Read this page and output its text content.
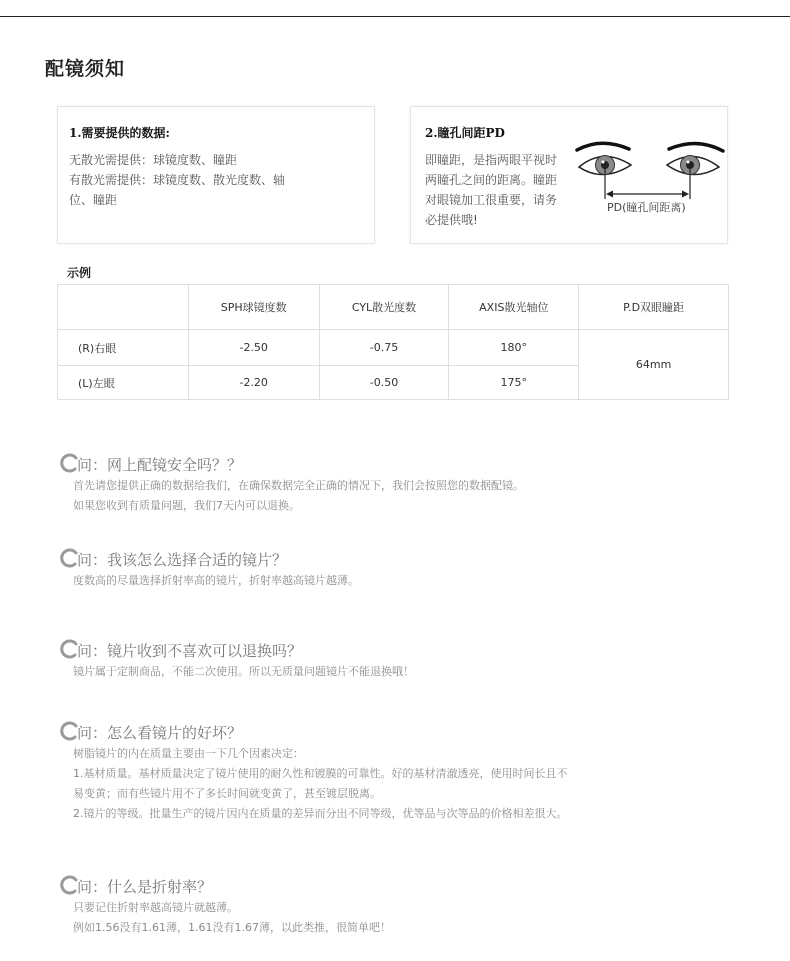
配镜须知
1.需要提供的数据:
无散光需提供：球镜度数、瞳距
有散光需提供：球镜度数、散光度数、轴
位、瞳距
2.瞳孔间距PD
即瞳距，是指两眼平视时
两瞳孔之间的距离。瞳距
对眼镜加工很重要，请务
必提供哦!
PD(瞳孔间距离)
示例
	SPH球镜度数	CYL散光度数	AXIS散光轴位	P.D双眼瞳距
(R)右眼	-2.50	-0.75	180°	64mm
(L)左眼	-2.20	-0.50	175°	
问：网上配镜安全吗？？

首先请您提供正确的数据给我们，在确保数据完全正确的情况下，我们会按照您的数据配镜。

如果您收到有质量问题，我们7天内可以退换。

问：我该怎么选择合适的镜片？

度数高的尽量选择折射率高的镜片，折射率越高镜片越薄。

问：镜片收到不喜欢可以退换吗？

镜片属于定制商品，不能二次使用。所以无质量问题镜片不能退换哦！

问：怎么看镜片的好坏？

树脂镜片的内在质量主要由一下几个因素决定：

1.基材质量。基材质量决定了镜片使用的耐久性和镀膜的可靠性。好的基材清澈透亮，使用时间长且不

易变黄；而有些镜片用不了多长时间就变黄了，甚至镀层脱离。

2.镜片的等级。批量生产的镜片因内在质量的差异而分出不同等级，优等品与次等品的价格相差很大。

问：什么是折射率？

只要记住折射率越高镜片就越薄。

例如1.56没有1.61薄，1.61没有1.67薄，以此类推，很简单吧！
